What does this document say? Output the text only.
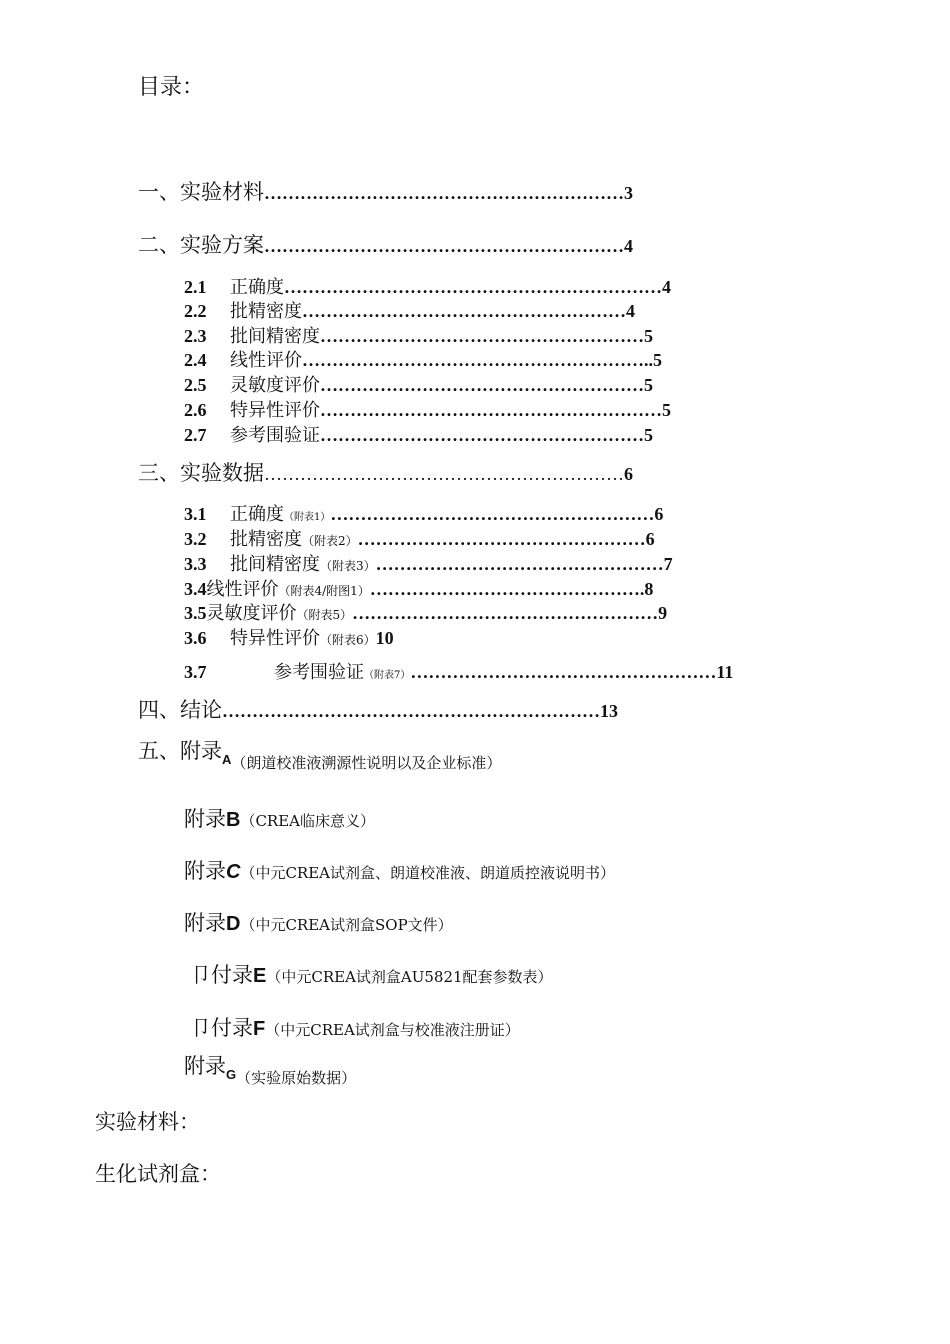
目录：
一、实验材料……………………………………………………3
二、实验方案……………………………………………………4
2.1 正确度………………………………………………………4
2.2 批精密度………………………………………………4
2.3 批间精密度………………………………………………5
2.4 线性评价…………………………………………………..5
2.5 灵敏度评价………………………………………………5
2.6 特异性评价…………………………………………………5
2.7 参考围验证………………………………………………5
三、实验数据……………………………………………………6
3.1 正确度（附表1）………………………………………………6
3.2 批精密度（附表2）…………………………………………6
3.3 批间精密度（附表3）…………………………………………7
3.4线性评价（附表4/附图1）……………………………………….8
3.5灵敏度评价（附表5）……………………………………………9
3.6 特异性评价（附表6）10
3.7	参考围验证（附表7）……………………………………………11
四、结论………………………………………………………13
五、附录$_{A(朗道校准液溯源性说明以及企业标准)}$
附录B（CREA临床意义）
附录C（中元CREA试剂盒、朗道校准液、朗道质控液说明书）
附录D（中元CREA试剂盒SOP文件）
卩付录E（中元CREA试剂盒AU5821配套参数表）
卩付录F（中元CREA试剂盒与校准液注册证）
附录$_{G(实验原始数据)}$
实验材料：
生化试剂盒：
